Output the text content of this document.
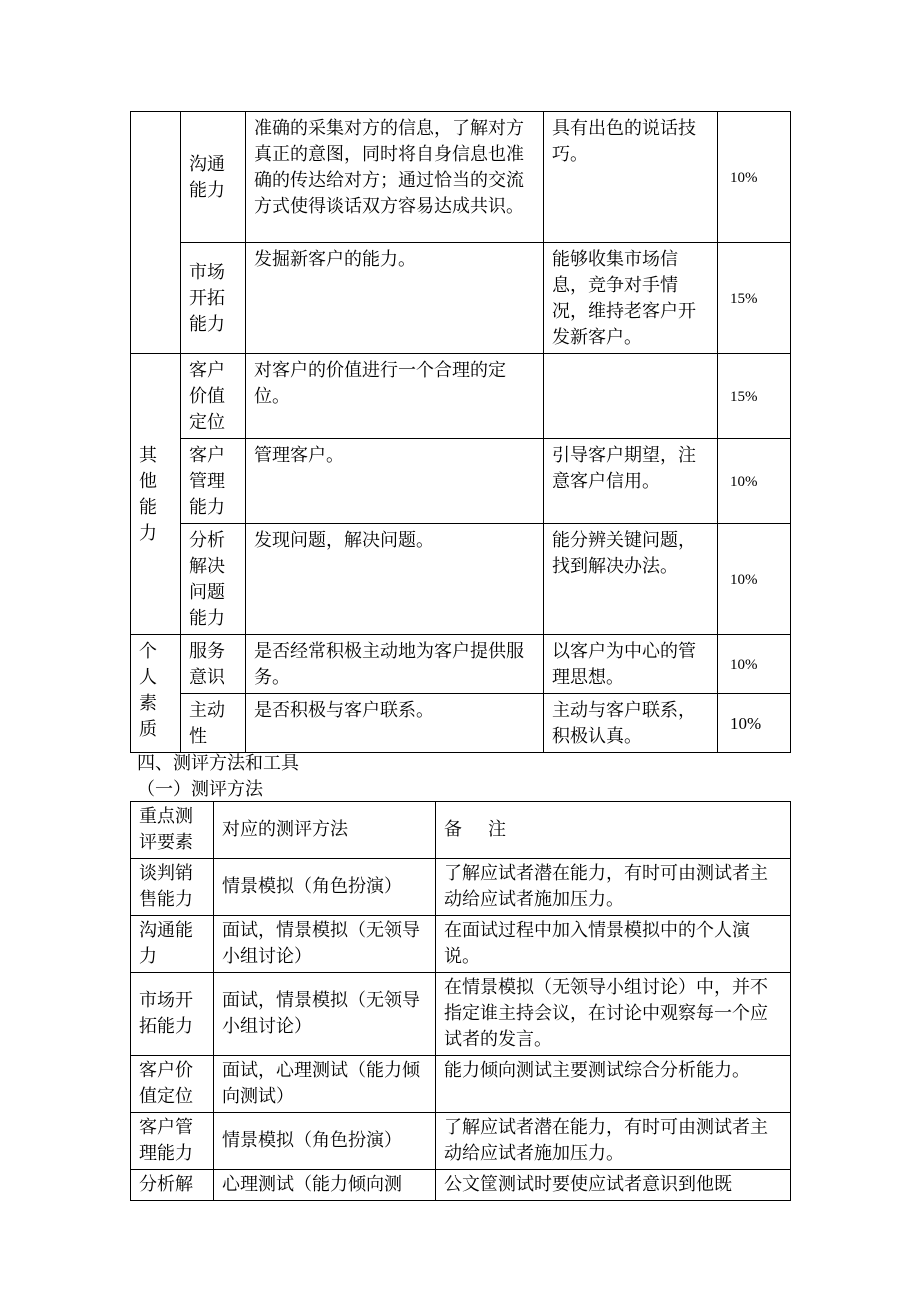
	沟通能力	准确的采集对方的信息，了解对方真正的意图，同时将自身信息也准确的传达给对方；通过恰当的交流方式使得谈话双方容易达成共识。	具有出色的说话技巧。	10%
	市场开拓能力	发掘新客户的能力。	能够收集市场信息，竞争对手情况，维持老客户开发新客户。	15%
其他能力	客户价值定位	对客户的价值进行一个合理的定位。		15%
	客户管理能力	管理客户。	引导客户期望，注意客户信用。	10%
	分析解决问题能力	发现问题，解决问题。	能分辨关键问题，找到解决办法。	10%
个人素质	服务意识	是否经常积极主动地为客户提供服务。	以客户为中心的管理思想。	10%
	主动性	是否积极与客户联系。	主动与客户联系，积极认真。	10%
四、测评方法和工具
（一）测评方法
重点测评要素	对应的测评方法	备注
谈判销售能力	情景模拟（角色扮演）	了解应试者潜在能力，有时可由测试者主动给应试者施加压力。
沟通能力	面试，情景模拟（无领导小组讨论）	在面试过程中加入情景模拟中的个人演说。
市场开拓能力	面试，情景模拟（无领导小组讨论）	在情景模拟（无领导小组讨论）中，并不指定谁主持会议，在讨论中观察每一个应试者的发言。
客户价值定位	面试，心理测试（能力倾向测试）	能力倾向测试主要测试综合分析能力。
客户管理能力	情景模拟（角色扮演）	了解应试者潜在能力，有时可由测试者主动给应试者施加压力。
分析解	心理测试（能力倾向测	公文筐测试时要使应试者意识到他既
